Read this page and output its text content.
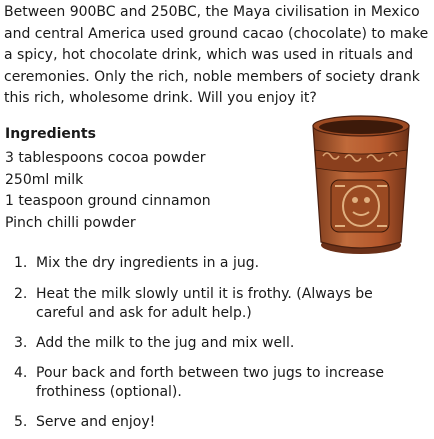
Between 900BC and 250BC, the Maya civilisation in Mexico and central America used ground cacao (chocolate) to make a spicy, hot chocolate drink, which was used in rituals and ceremonies. Only the rich, noble members of society drank this rich, wholesome drink. Will you enjoy it?

Ingredients
3 tablespoons cocoa powder
250ml milk
1 teaspoon ground cinnamon
Pinch chilli powder
1. Mix the dry ingredients in a jug.
2. Heat the milk slowly until it is frothy. (Always be careful and ask for adult help.)
3. Add the milk to the jug and mix well.
4. Pour back and forth between two jugs to increase frothiness (optional).
5. Serve and enjoy!
